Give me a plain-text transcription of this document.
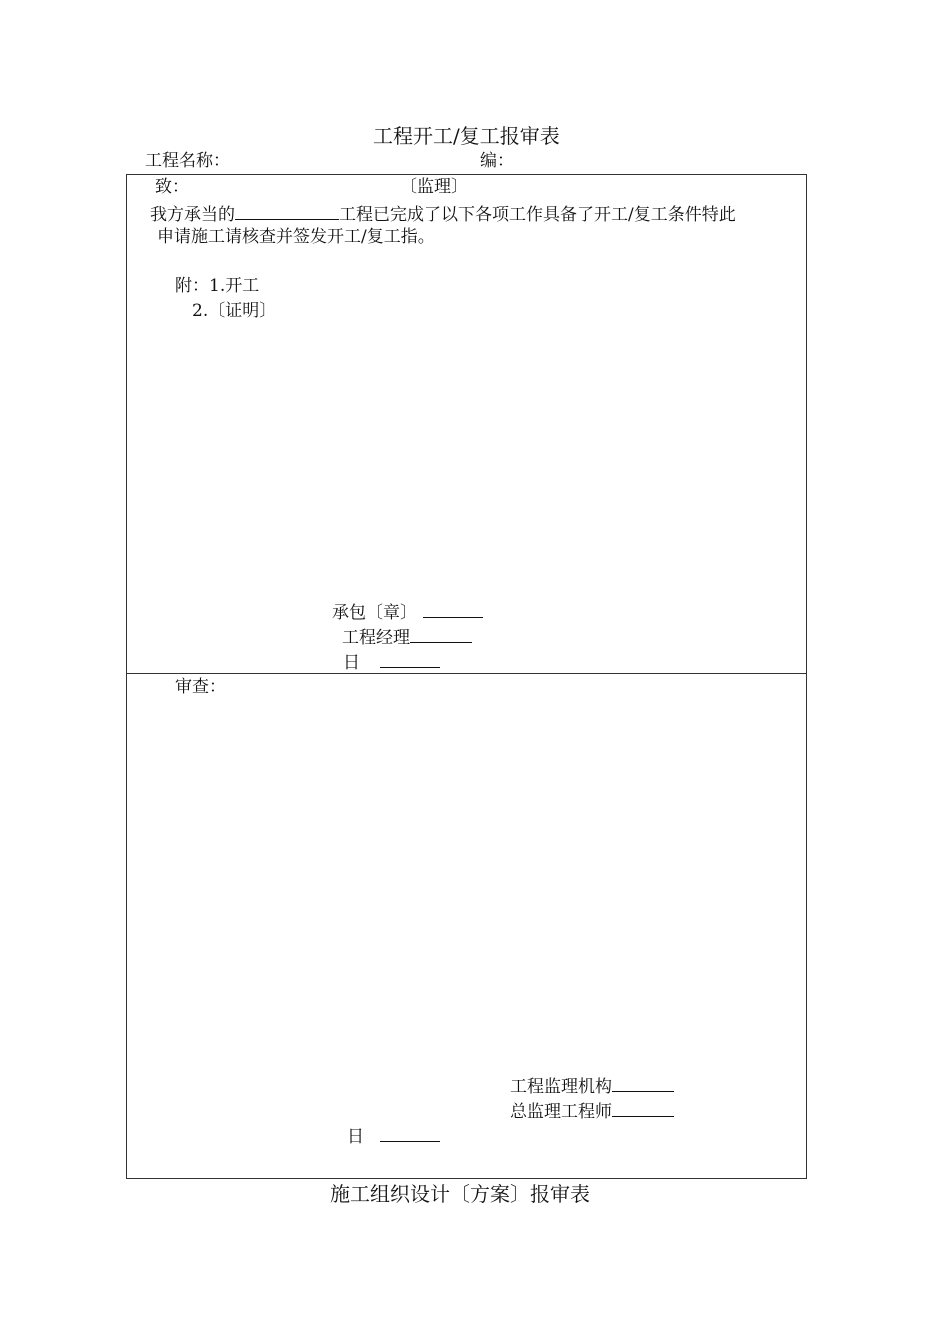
工程开工/复工报审表
工程名称：	编：
致：	〔监理〕
我方承当的	工程已完成了以下各项工作具备了开工/复工条件特此
申请施工请核查并签发开工/复工指。
附：1.开工
2.〔证明〕
承包〔章〕
工程经理
日
审查：
工程监理机构
总监理工程师
日
施工组织设计〔方案〕报审表
